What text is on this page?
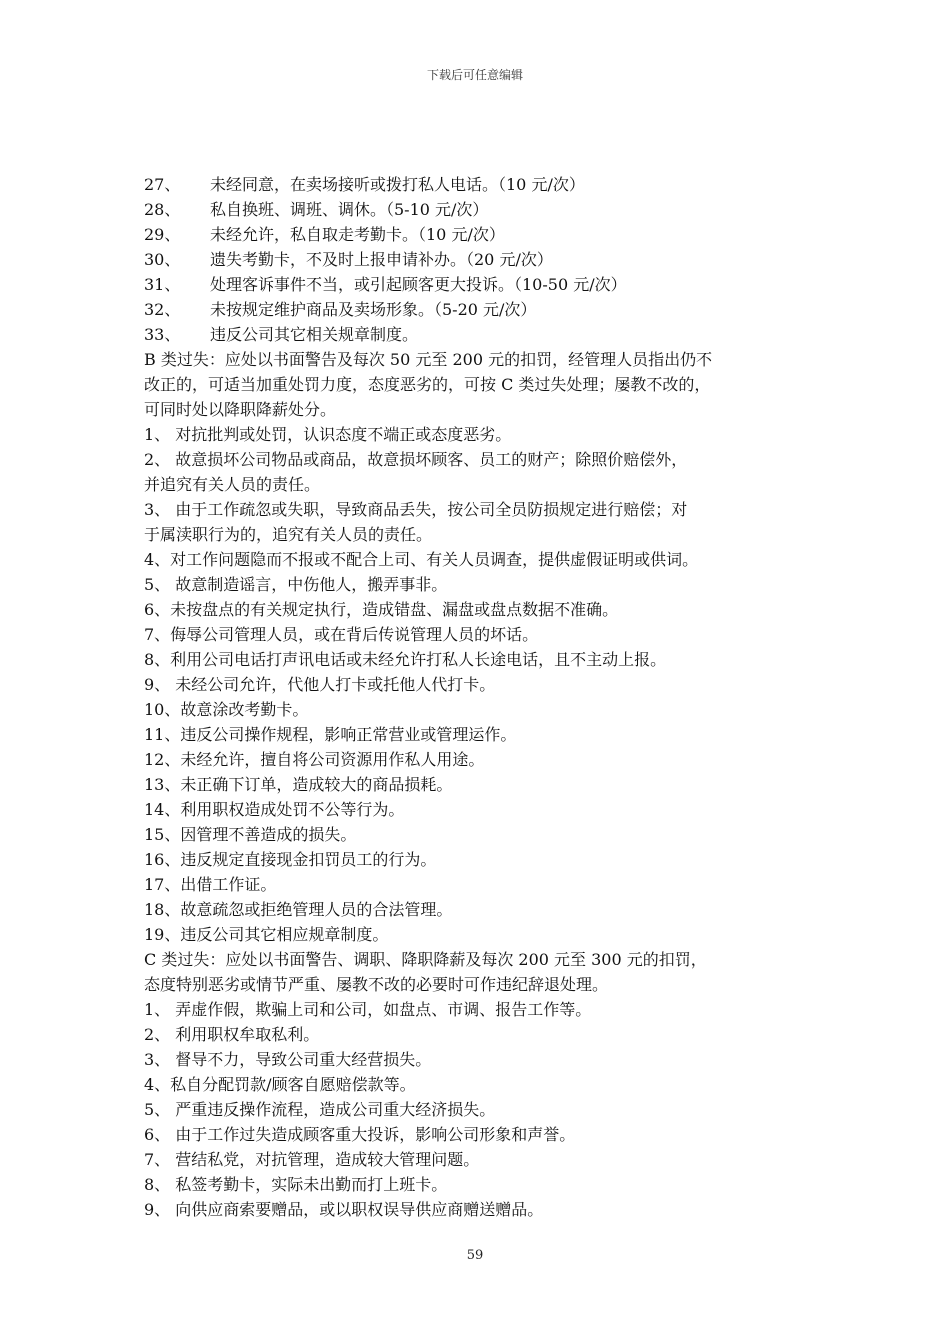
下载后可任意编辑
27、 未经同意，在卖场接听或拨打私人电话。（10 元/次）
28、 私自换班、调班、调休。（5-10 元/次）
29、 未经允许，私自取走考勤卡。（10 元/次）
30、 遗失考勤卡，不及时上报申请补办。（20 元/次）
31、 处理客诉事件不当，或引起顾客更大投诉。（10-50 元/次）
32、 未按规定维护商品及卖场形象。（5-20 元/次）
33、 违反公司其它相关规章制度。
B 类过失：应处以书面警告及每次 50 元至 200 元的扣罚，经管理人员指出仍不
改正的，可适当加重处罚力度，态度恶劣的，可按 C 类过失处理；屡教不改的，
可同时处以降职降薪处分。
1、 对抗批判或处罚，认识态度不端正或态度恶劣。
2、 故意损坏公司物品或商品，故意损坏顾客、员工的财产；除照价赔偿外，
并追究有关人员的责任。
3、 由于工作疏忽或失职，导致商品丢失，按公司全员防损规定进行赔偿；对
于属渎职行为的，追究有关人员的责任。
4、对工作问题隐而不报或不配合上司、有关人员调查，提供虚假证明或供词。
5、 故意制造谣言，中伤他人，搬弄事非。
6、未按盘点的有关规定执行，造成错盘、漏盘或盘点数据不准确。
7、侮辱公司管理人员，或在背后传说管理人员的坏话。
8、利用公司电话打声讯电话或未经允许打私人长途电话，且不主动上报。
9、 未经公司允许，代他人打卡或托他人代打卡。
10、故意涂改考勤卡。
11、违反公司操作规程，影响正常营业或管理运作。
12、未经允许，擅自将公司资源用作私人用途。
13、未正确下订单，造成较大的商品损耗。
14、利用职权造成处罚不公等行为。
15、因管理不善造成的损失。
16、违反规定直接现金扣罚员工的行为。
17、出借工作证。
18、故意疏忽或拒绝管理人员的合法管理。
19、违反公司其它相应规章制度。
C 类过失：应处以书面警告、调职、降职降薪及每次 200 元至 300 元的扣罚，
态度特别恶劣或情节严重、屡教不改的必要时可作违纪辞退处理。
1、 弄虚作假，欺骗上司和公司，如盘点、市调、报告工作等。
2、 利用职权牟取私利。
3、 督导不力，导致公司重大经营损失。
4、私自分配罚款/顾客自愿赔偿款等。
5、 严重违反操作流程，造成公司重大经济损失。
6、 由于工作过失造成顾客重大投诉，影响公司形象和声誉。
7、 营结私党，对抗管理，造成较大管理问题。
8、 私签考勤卡，实际未出勤而打上班卡。
9、 向供应商索要赠品，或以职权误导供应商赠送赠品。
59
